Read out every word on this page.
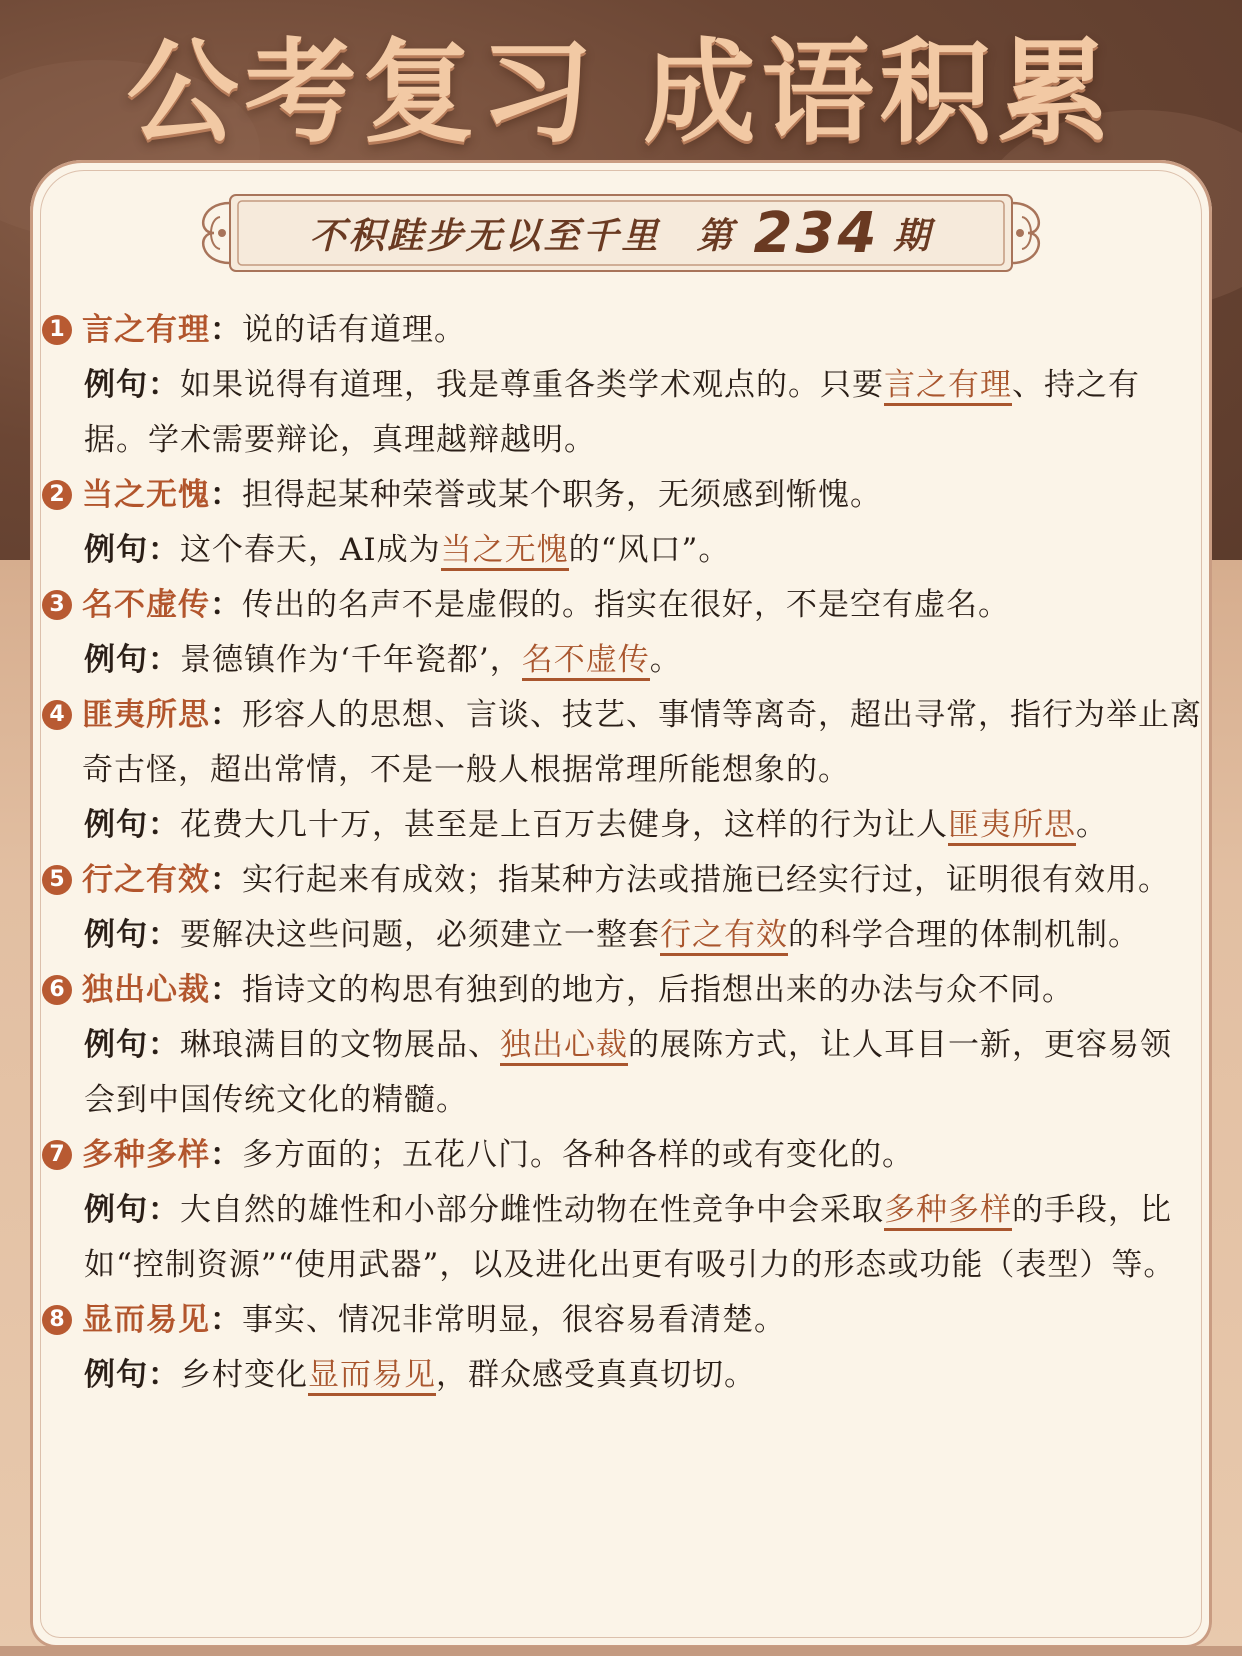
公考复习 成语积累
不积跬步无以至千里 第 234 期
1 言之有理：说的话有道理。
例句：如果说得有道理，我是尊重各类学术观点的。只要言之有理、持之有据。学术需要辩论，真理越辩越明。
2 当之无愧：担得起某种荣誉或某个职务，无须感到惭愧。
例句：这个春天，AI成为当之无愧的“风口”。
3 名不虚传：传出的名声不是虚假的。指实在很好，不是空有虚名。
例句：景德镇作为‘千年瓷都’，名不虚传。
4 匪夷所思：形容人的思想、言谈、技艺、事情等离奇，超出寻常，指行为举止离奇古怪，超出常情，不是一般人根据常理所能想象的。
例句：花费大几十万，甚至是上百万去健身，这样的行为让人匪夷所思。
5 行之有效：实行起来有成效；指某种方法或措施已经实行过，证明很有效用。
例句：要解决这些问题，必须建立一整套行之有效的科学合理的体制机制。
6 独出心裁：指诗文的构思有独到的地方，后指想出来的办法与众不同。
例句：琳琅满目的文物展品、独出心裁的展陈方式，让人耳目一新，更容易领会到中国传统文化的精髓。
7 多种多样：多方面的；五花八门。各种各样的或有变化的。
例句：大自然的雄性和小部分雌性动物在性竞争中会采取多种多样的手段，比如“控制资源”“使用武器”，以及进化出更有吸引力的形态或功能（表型）等。
8 显而易见：事实、情况非常明显，很容易看清楚。
例句：乡村变化显而易见，群众感受真真切切。
